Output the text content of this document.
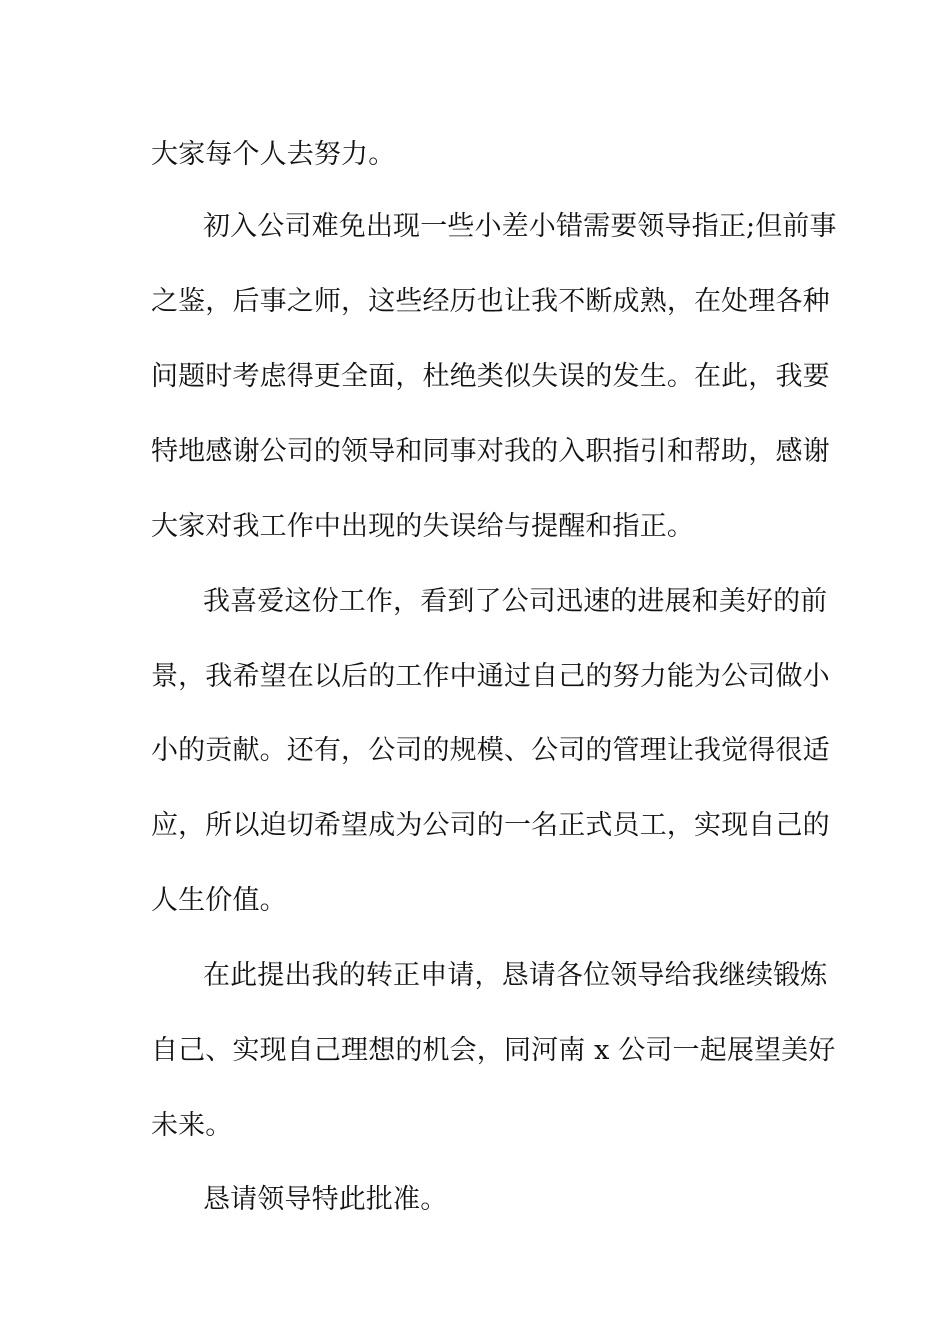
大家每个人去努力。

初入公司难免出现一些小差小错需要领导指正;但前事

之鉴，后事之师，这些经历也让我不断成熟，在处理各种

问题时考虑得更全面，杜绝类似失误的发生。在此，我要

特地感谢公司的领导和同事对我的入职指引和帮助，感谢

大家对我工作中出现的失误给与提醒和指正。

我喜爱这份工作，看到了公司迅速的进展和美好的前

景，我希望在以后的工作中通过自己的努力能为公司做小

小的贡献。还有，公司的规模、公司的管理让我觉得很适

应，所以迫切希望成为公司的一名正式员工，实现自己的

人生价值。

在此提出我的转正申请，恳请各位领导给我继续锻炼

自己、实现自己理想的机会，同河南 x 公司一起展望美好

未来。

恳请领导特此批准。
